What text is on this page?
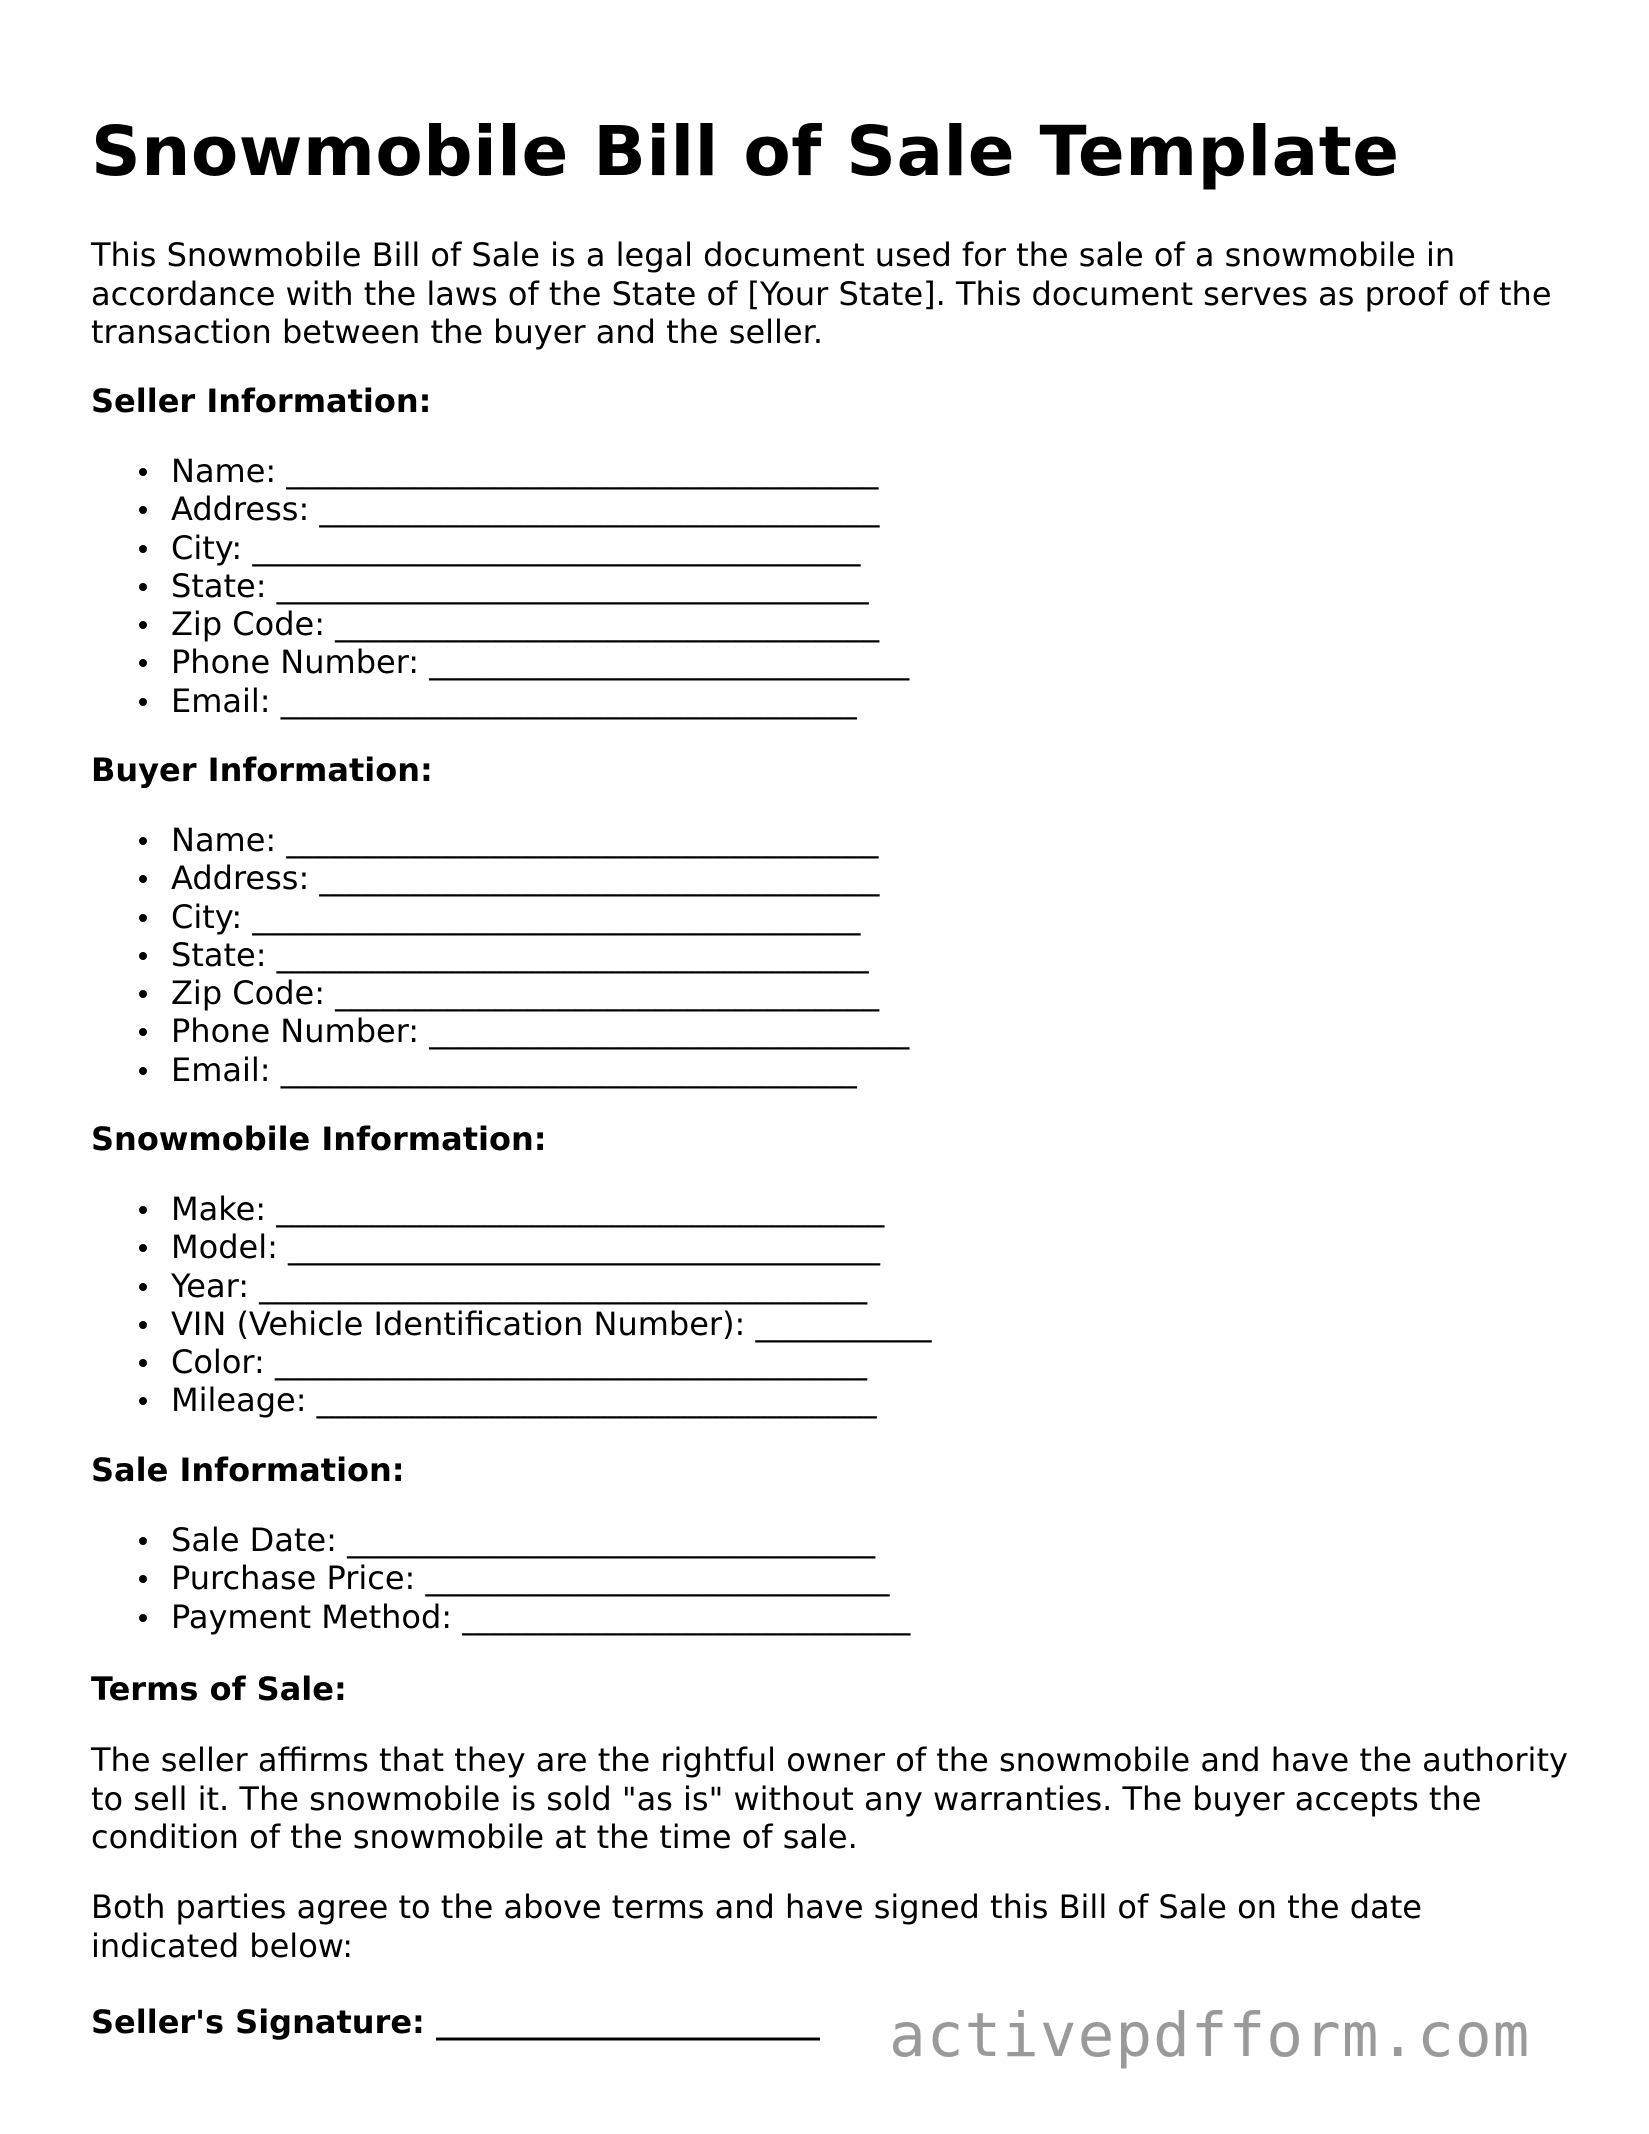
Snowmobile Bill of Sale Template

This Snowmobile Bill of Sale is a legal document used for the sale of a snowmobile in accordance with the laws of the State of [Your State]. This document serves as proof of the transaction between the buyer and the seller.

Seller Information:
Name: _____________________________________
Address: ___________________________________
City: ______________________________________
State: _____________________________________
Zip Code: __________________________________
Phone Number: ______________________________
Email: ____________________________________
Buyer Information:
Name: _____________________________________
Address: ___________________________________
City: ______________________________________
State: _____________________________________
Zip Code: __________________________________
Phone Number: ______________________________
Email: ____________________________________
Snowmobile Information:
Make: ______________________________________
Model: _____________________________________
Year: ______________________________________
VIN (Vehicle Identification Number): ___________
Color: _____________________________________
Mileage: ___________________________________
Sale Information:
Sale Date: _________________________________
Purchase Price: _____________________________
Payment Method: ____________________________
Terms of Sale:

The seller affirms that they are the rightful owner of the snowmobile and have the authority to sell it. The snowmobile is sold "as is" without any warranties. The buyer accepts the condition of the snowmobile at the time of sale.

Both parties agree to the above terms and have signed this Bill of Sale on the date indicated below:

Seller's Signature: ________________________ activepdfform.com
